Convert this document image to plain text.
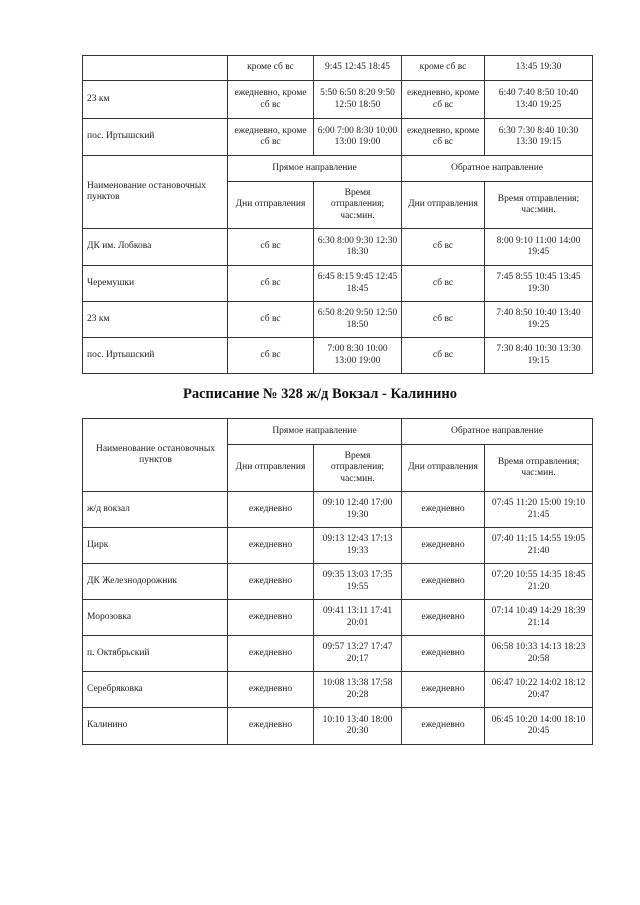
	кроме сб вс	9:45 12:45 18:45	кроме сб вс	13:45 19:30
23 км	ежедневно, кроме сб вс	5:50 6:50 8:20 9:50 12:50 18:50	ежедневно, кроме сб вс	6:40 7:40 8:50 10:40 13:40 19:25
пос. Иртышский	ежедневно, кроме сб вс	6:00 7:00 8:30 10:00 13:00 19:00	ежедневно, кроме сб вс	6:30 7:30 8:40 10:30 13:30 19:15
Наименование остановочных пунктов	Прямое направление		Обратное направление	
	Дни отправления	Время отправления; час:мин.	Дни отправления	Время отправления; час:мин.
ДК им. Лобкова	сб вс	6:30 8:00 9:30 12:30 18:30	сб вс	8:00 9:10 11:00 14:00 19:45
Черемушки	сб вс	6:45 8:15 9:45 12:45 18:45	сб вс	7:45 8:55 10:45 13:45 19:30
23 км	сб вс	6:50 8:20 9:50 12:50 18:50	сб вс	7:40 8:50 10:40 13:40 19:25
пос. Иртышский	сб вс	7:00 8:30 10:00 13:00 19:00	сб вс	7:30 8:40 10:30 13:30 19:15
Расписание № 328 ж/д Вокзал - Калинино
Наименование остановочных пунктов	Прямое направление		Обратное направление	
	Дни отправления	Время отправления; час:мин.	Дни отправления	Время отправления; час:мин.
ж/д вокзал	ежедневно	09:10 12:40 17:00 19:30	ежедневно	07:45 11:20 15:00 19:10 21:45
Цирк	ежедневно	09:13 12:43 17:13 19:33	ежедневно	07:40 11:15 14:55 19:05 21:40
ДК Железнодорожник	ежедневно	09:35 13:03 17:35 19:55	ежедневно	07:20 10:55 14:35 18:45 21:20
Морозовка	ежедневно	09:41 13:11 17:41 20:01	ежедневно	07:14 10:49 14:29 18:39 21:14
п. Октябрьский	ежедневно	09:57 13:27 17:47 20:17	ежедневно	06:58 10:33 14:13 18:23 20:58
Серебряковка	ежедневно	10:08 13:38 17:58 20:28	ежедневно	06:47 10:22 14:02 18:12 20:47
Калинино	ежедневно	10:10 13:40 18:00 20:30	ежедневно	06:45 10:20 14:00 18:10 20:45
